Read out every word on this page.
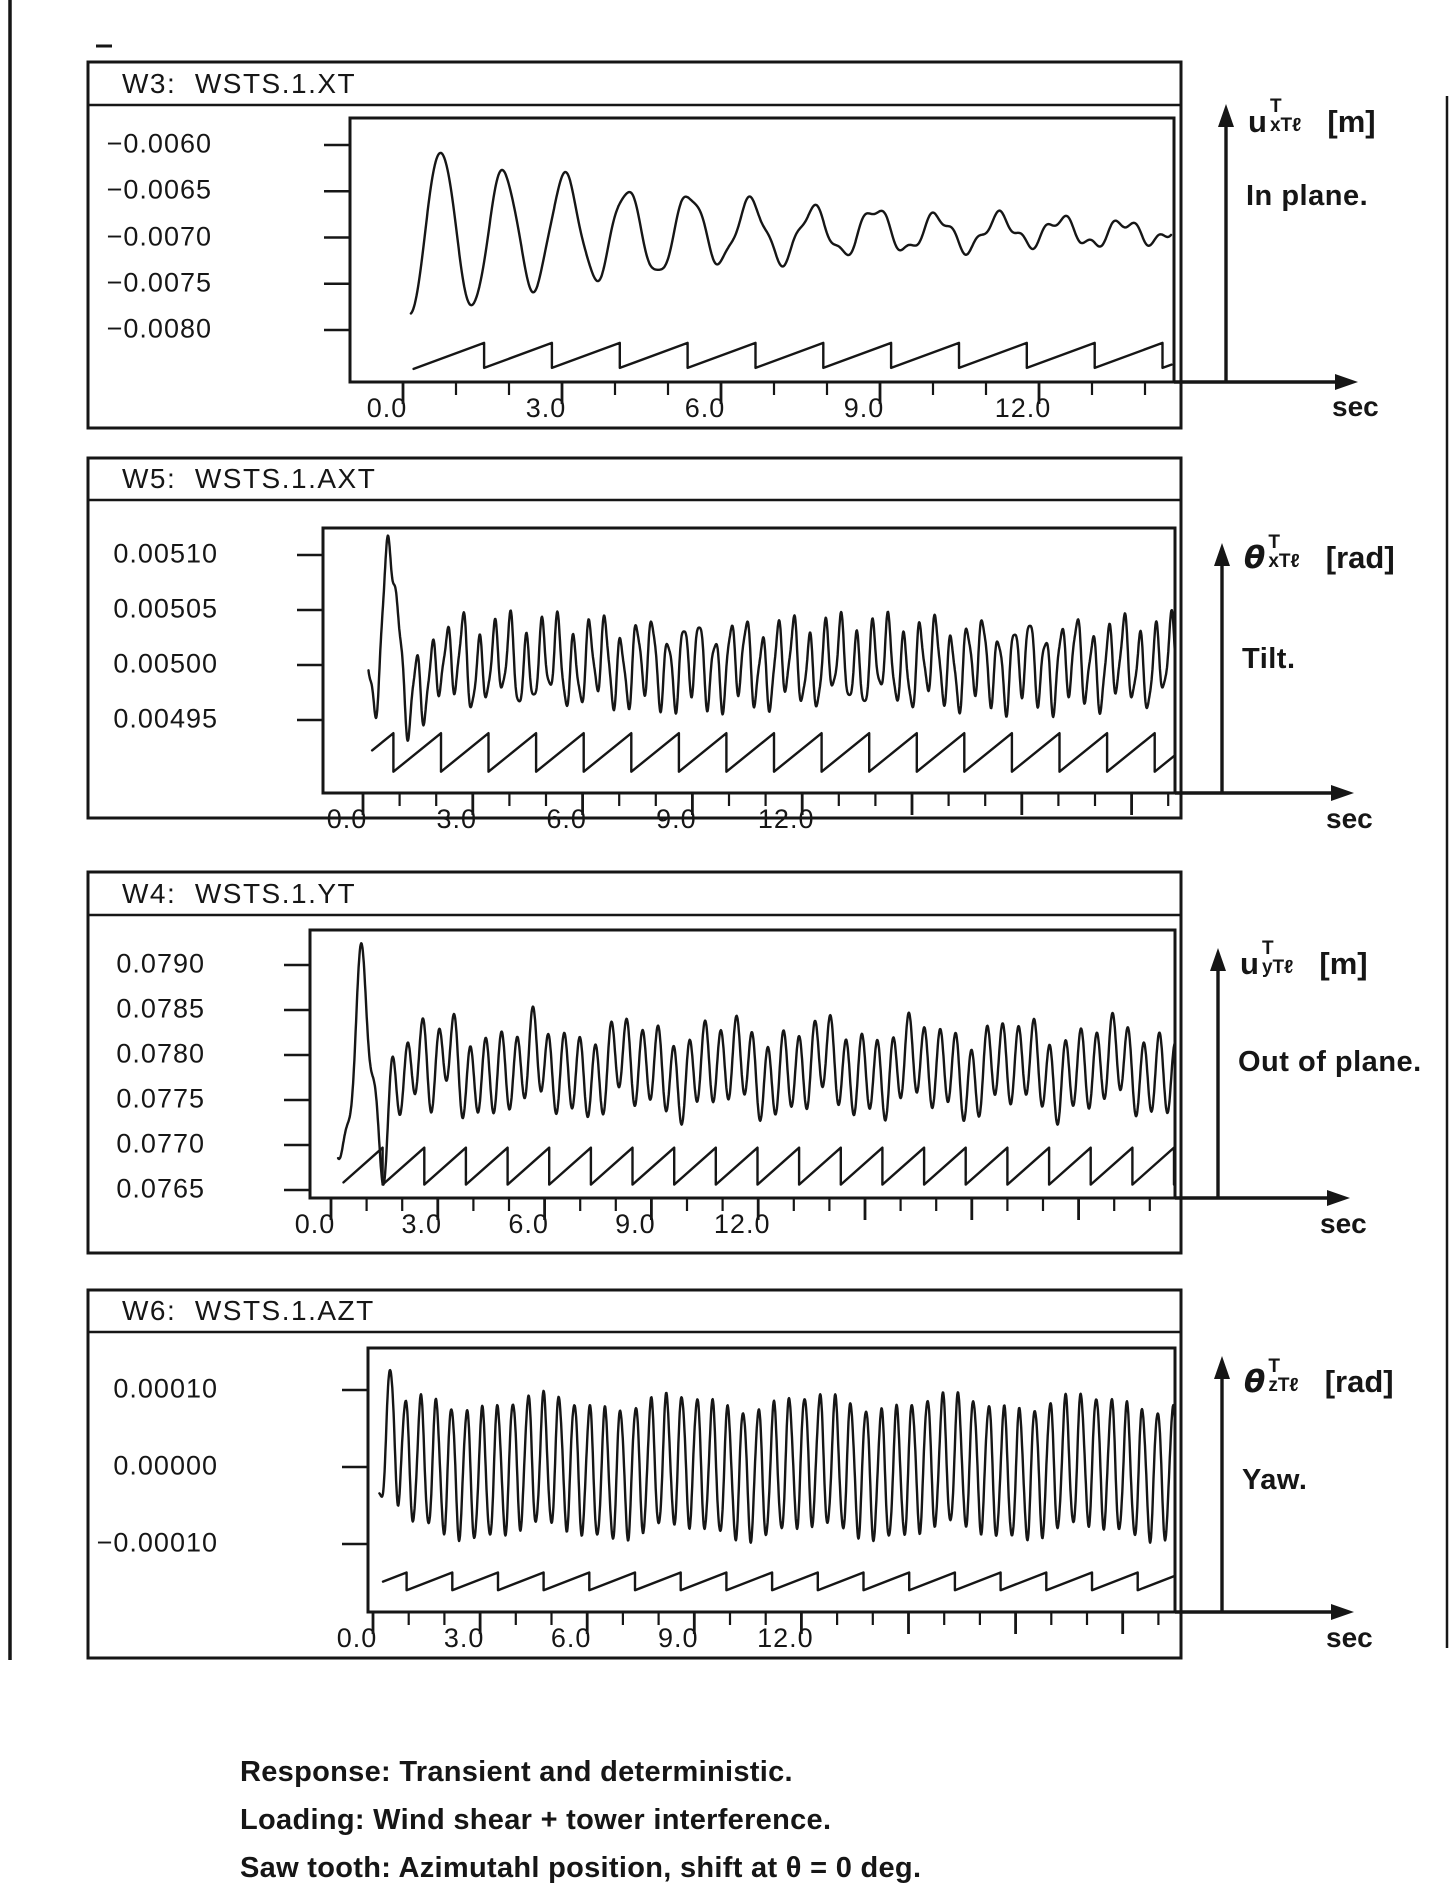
W3:  WSTS.1.XT
W5:  WSTS.1.AXT
W4:  WSTS.1.YT
W6:  WSTS.1.AZT
u T
xTℓ [m]
In plane.
sec
θ T
xTℓ [rad]
Tilt.
sec
u T
yTℓ [m]
Out of plane.
sec
θ T
zTℓ [rad]
Yaw.
sec
Response: Transient and deterministic.
Loading: Wind shear + tower interference.
Saw tooth: Azimutahl position, shift at θ = 0 deg.
−0.0060
−0.0065
−0.0070
−0.0075
−0.0080
0.0	3.0	6.0	9.0	12.0
0.00510
0.00505
0.00500
0.00495
0.0	3.0	6.0	9.0 12.0
0.0790
0.0785
0.0780
0.0775
0.0770
0.0765
0.0 3.0 6.0 9.0 12.0
0.00010
0.00000
−0.00010
0.0 3.0 6.0 9.0 12.0
